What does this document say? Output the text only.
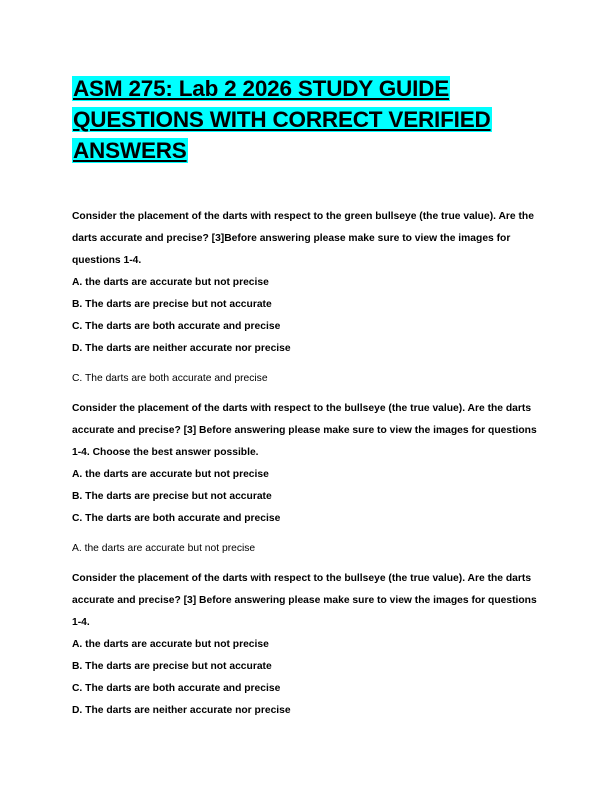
ASM 275: Lab 2 2026 STUDY GUIDE
QUESTIONS WITH CORRECT VERIFIED
ANSWERS

Consider the placement of the darts with respect to the green bullseye (the true value). Are the darts accurate and precise? [3]Before answering please make sure to view the images for questions 1-4.

A. the darts are accurate but not precise

B. The darts are precise but not accurate

C. The darts are both accurate and precise

D. The darts are neither accurate nor precise

C. The darts are both accurate and precise

Consider the placement of the darts with respect to the bullseye (the true value). Are the darts accurate and precise? [3] Before answering please make sure to view the images for questions 1-4. Choose the best answer possible.

A. the darts are accurate but not precise

B. The darts are precise but not accurate

C. The darts are both accurate and precise

A. the darts are accurate but not precise

Consider the placement of the darts with respect to the bullseye (the true value). Are the darts accurate and precise? [3] Before answering please make sure to view the images for questions 1-4.

A. the darts are accurate but not precise

B. The darts are precise but not accurate

C. The darts are both accurate and precise

D. The darts are neither accurate nor precise
